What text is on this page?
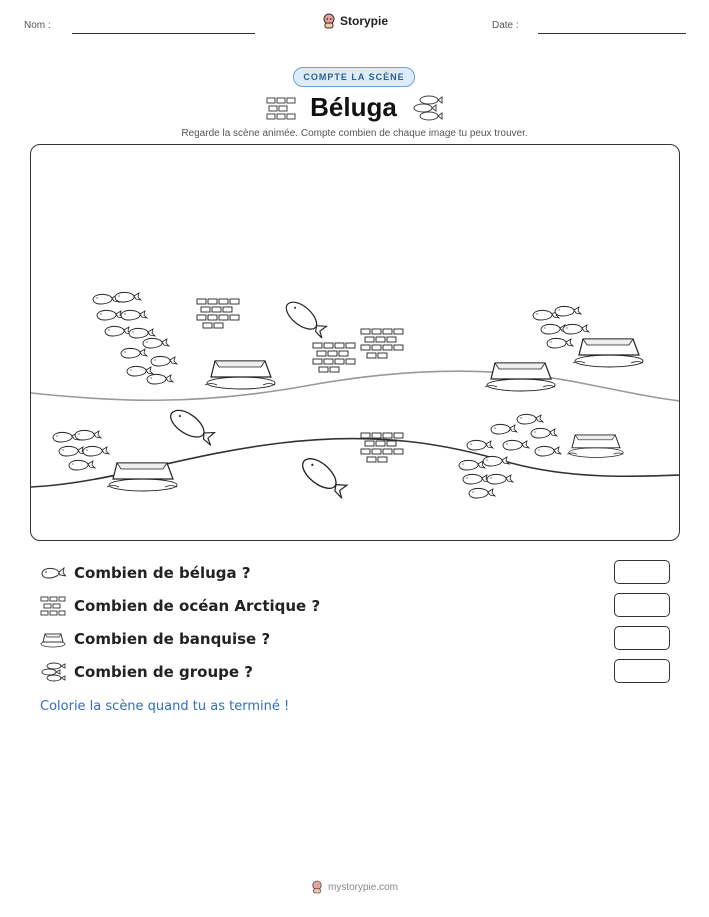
Nom :	Storypie	Date :
COMPTE LA SCÈNE
Béluga
Regarde la scène animée. Compte combien de chaque image tu peux trouver.
Combien de béluga ?
Combien de océan Arctique ?
Combien de banquise ?
Combien de groupe ?
Colorie la scène quand tu as terminé !
mystorypie.com
